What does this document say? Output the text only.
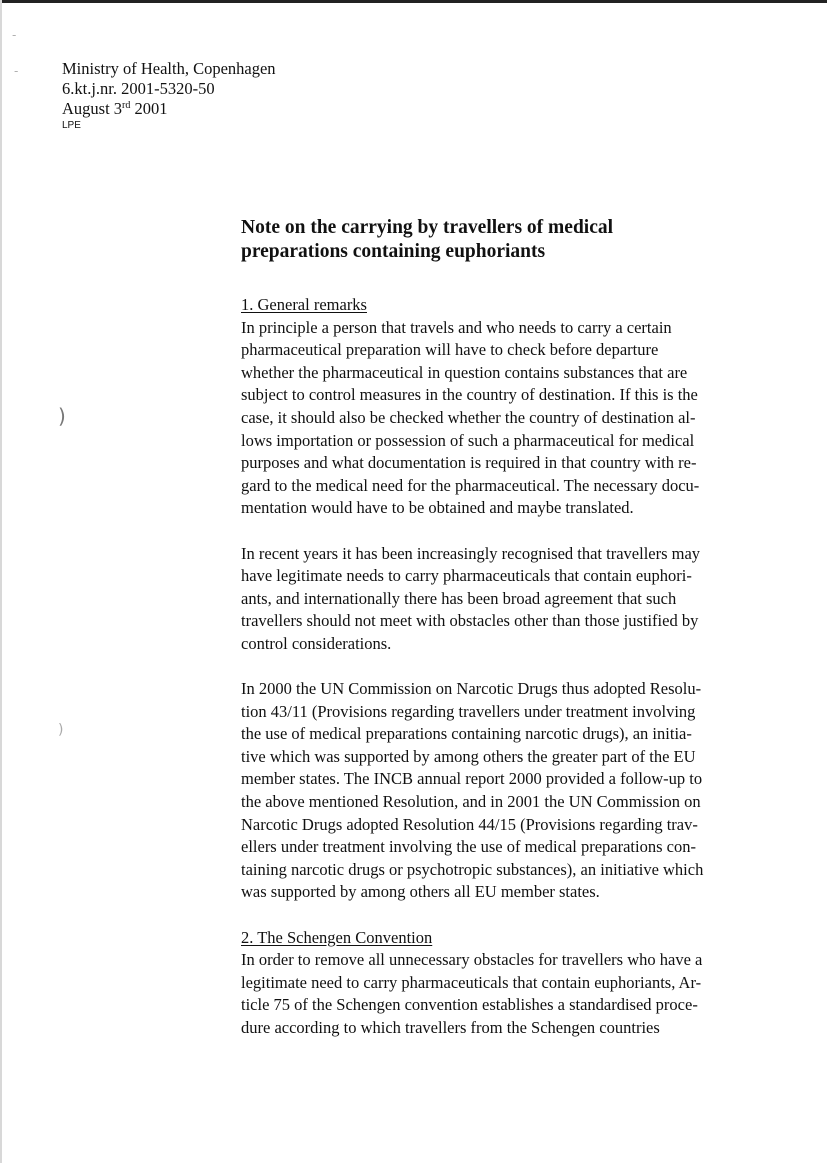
-
-
)
)
Ministry of Health, Copenhagen
6.kt.j.nr. 2001-5320-50
August 3rd 2001
LPE
Note on the carrying by travellers of medical
preparations containing euphoriants
1. General remarks
In principle a person that travels and who needs to carry a certain
pharmaceutical preparation will have to check before departure
whether the pharmaceutical in question contains substances that are
subject to control measures in the country of destination. If this is the
case, it should also be checked whether the country of destination al-
lows importation or possession of such a pharmaceutical for medical
purposes and what documentation is required in that country with re-
gard to the medical need for the pharmaceutical. The necessary docu-
mentation would have to be obtained and maybe translated.
In recent years it has been increasingly recognised that travellers may
have legitimate needs to carry pharmaceuticals that contain euphori-
ants, and internationally there has been broad agreement that such
travellers should not meet with obstacles other than those justified by
control considerations.
In 2000 the UN Commission on Narcotic Drugs thus adopted Resolu-
tion 43/11 (Provisions regarding travellers under treatment involving
the use of medical preparations containing narcotic drugs), an initia-
tive which was supported by among others the greater part of the EU
member states. The INCB annual report 2000 provided a follow-up to
the above mentioned Resolution, and in 2001 the UN Commission on
Narcotic Drugs adopted Resolution 44/15 (Provisions regarding trav-
ellers under treatment involving the use of medical preparations con-
taining narcotic drugs or psychotropic substances), an initiative which
was supported by among others all EU member states.
2. The Schengen Convention
In order to remove all unnecessary obstacles for travellers who have a
legitimate need to carry pharmaceuticals that contain euphoriants, Ar-
ticle 75 of the Schengen convention establishes a standardised proce-
dure according to which travellers from the Schengen countries
